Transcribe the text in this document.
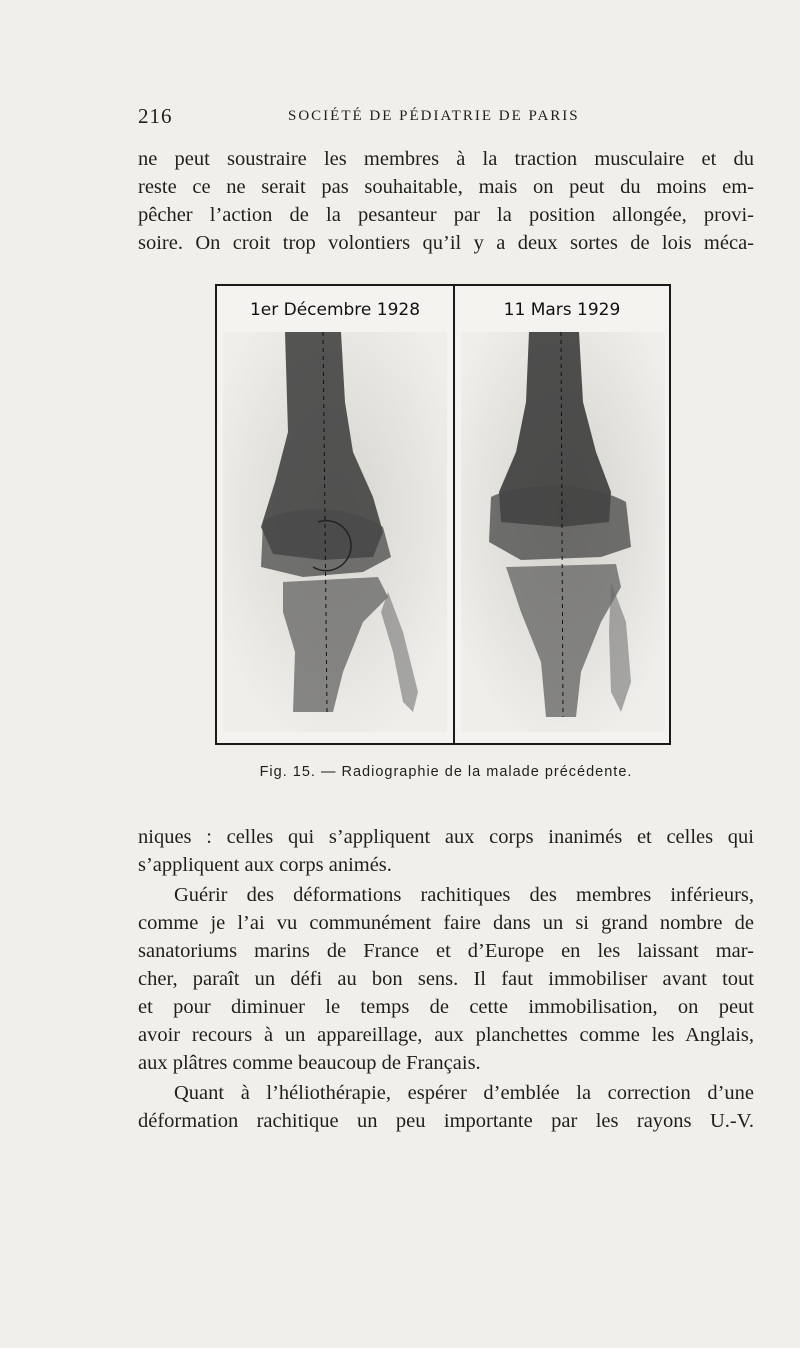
216	SOCIÉTÉ DE PÉDIATRIE DE PARIS
ne peut soustraire les membres à la traction musculaire et du
reste ce ne serait pas souhaitable, mais on peut du moins em-
pêcher l’action de la pesanteur par la position allongée, provi-
soire. On croit trop volontiers qu’il y a deux sortes de lois méca-
1er Décembre 1928	11 Mars 1929
Fig. 15. — Radiographie de la malade précédente.
niques : celles qui s’appliquent aux corps inanimés et celles qui
s’appliquent aux corps animés.
Guérir des déformations rachitiques des membres inférieurs,
comme je l’ai vu communément faire dans un si grand nombre de
sanatoriums marins de France et d’Europe en les laissant mar-
cher, paraît un défi au bon sens. Il faut immobiliser avant tout
et pour diminuer le temps de cette immobilisation, on peut
avoir recours à un appareillage, aux planchettes comme les Anglais,
aux plâtres comme beaucoup de Français.
Quant à l’héliothérapie, espérer d’emblée la correction d’une
déformation rachitique un peu importante par les rayons U.-V.
